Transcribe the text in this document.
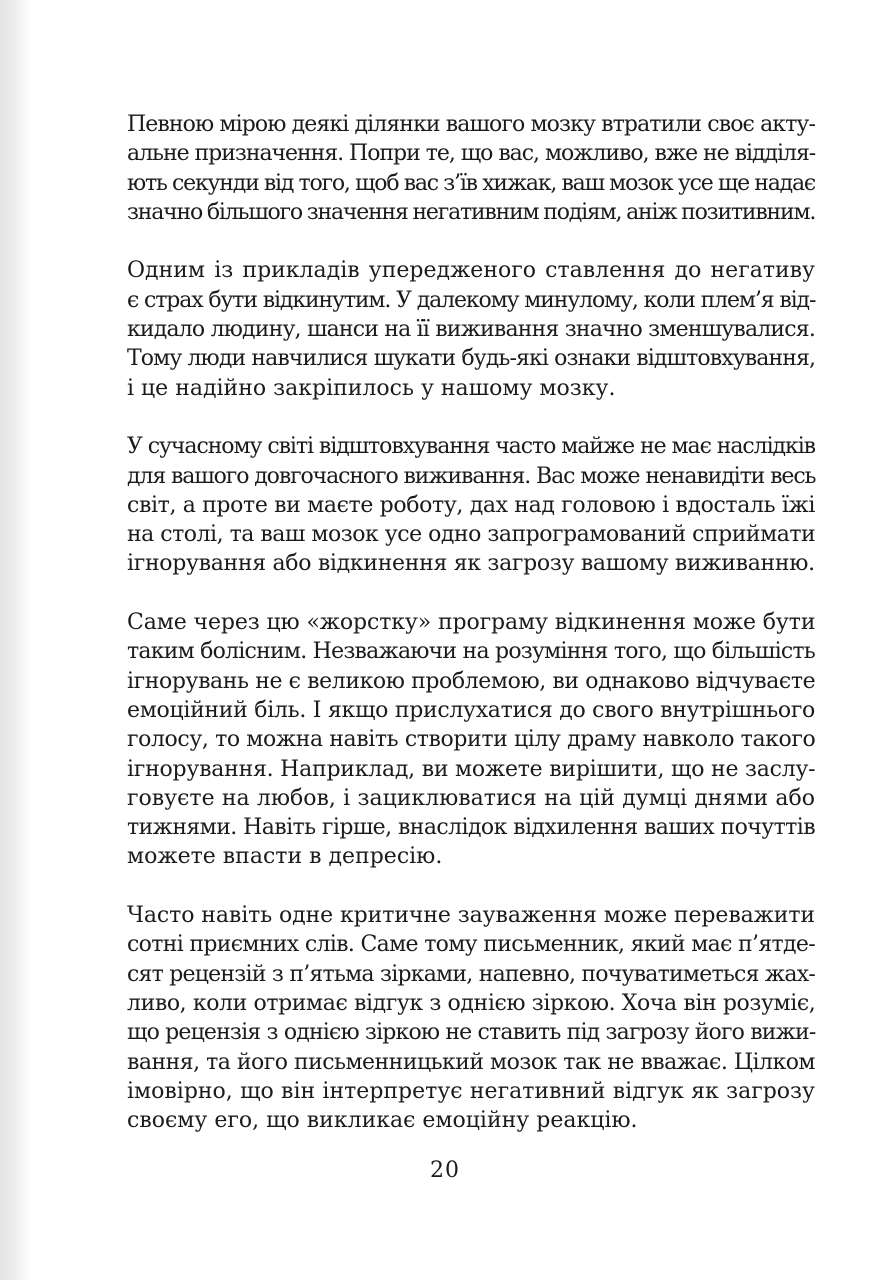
Певною мірою деякі ділянки вашого мозку втратили своє акту-
альне призначення. Попри те, що вас, можливо, вже не відділя-
ють секунди від того, щоб вас з’їв хижак, ваш мозок усе ще надає
значно більшого значення негативним подіям, аніж позитивним.
Одним із прикладів упередженого ставлення до негативу
є страх бути відкинутим. У далекому минулому, коли плем’я від-
кидало людину, шанси на її виживання значно зменшувалися.
Тому люди навчилися шукати будь-які ознаки відштовхування,
і це надійно закріпилось у нашому мозку.
У сучасному світі відштовхування часто майже не має наслідків
для вашого довгочасного виживання. Вас може ненавидіти весь
світ, а проте ви маєте роботу, дах над головою і вдосталь їжі
на столі, та ваш мозок усе одно запрограмований сприймати
ігнорування або відкинення як загрозу вашому виживанню.
Саме через цю «жорстку» програму відкинення може бути
таким болісним. Незважаючи на розуміння того, що більшість
ігнорувань не є великою проблемою, ви однаково відчуваєте
емоційний біль. І якщо прислухатися до свого внутрішнього
голосу, то можна навіть створити цілу драму навколо такого
ігнорування. Наприклад, ви можете вирішити, що не заслу-
говуєте на любов, і зациклюватися на цій думці днями або
тижнями. Навіть гірше, внаслідок відхилення ваших почуттів
можете впасти в депресію.
Часто навіть одне критичне зауваження може переважити
сотні приємних слів. Саме тому письменник, який має п’ятде-
сят рецензій з п’ятьма зірками, напевно, почуватиметься жах-
ливо, коли отримає відгук з однією зіркою. Хоча він розуміє,
що рецензія з однією зіркою не ставить під загрозу його вижи-
вання, та його письменницький мозок так не вважає. Цілком
імовірно, що він інтерпретує негативний відгук як загрозу
своєму его, що викликає емоційну реакцію.
20
